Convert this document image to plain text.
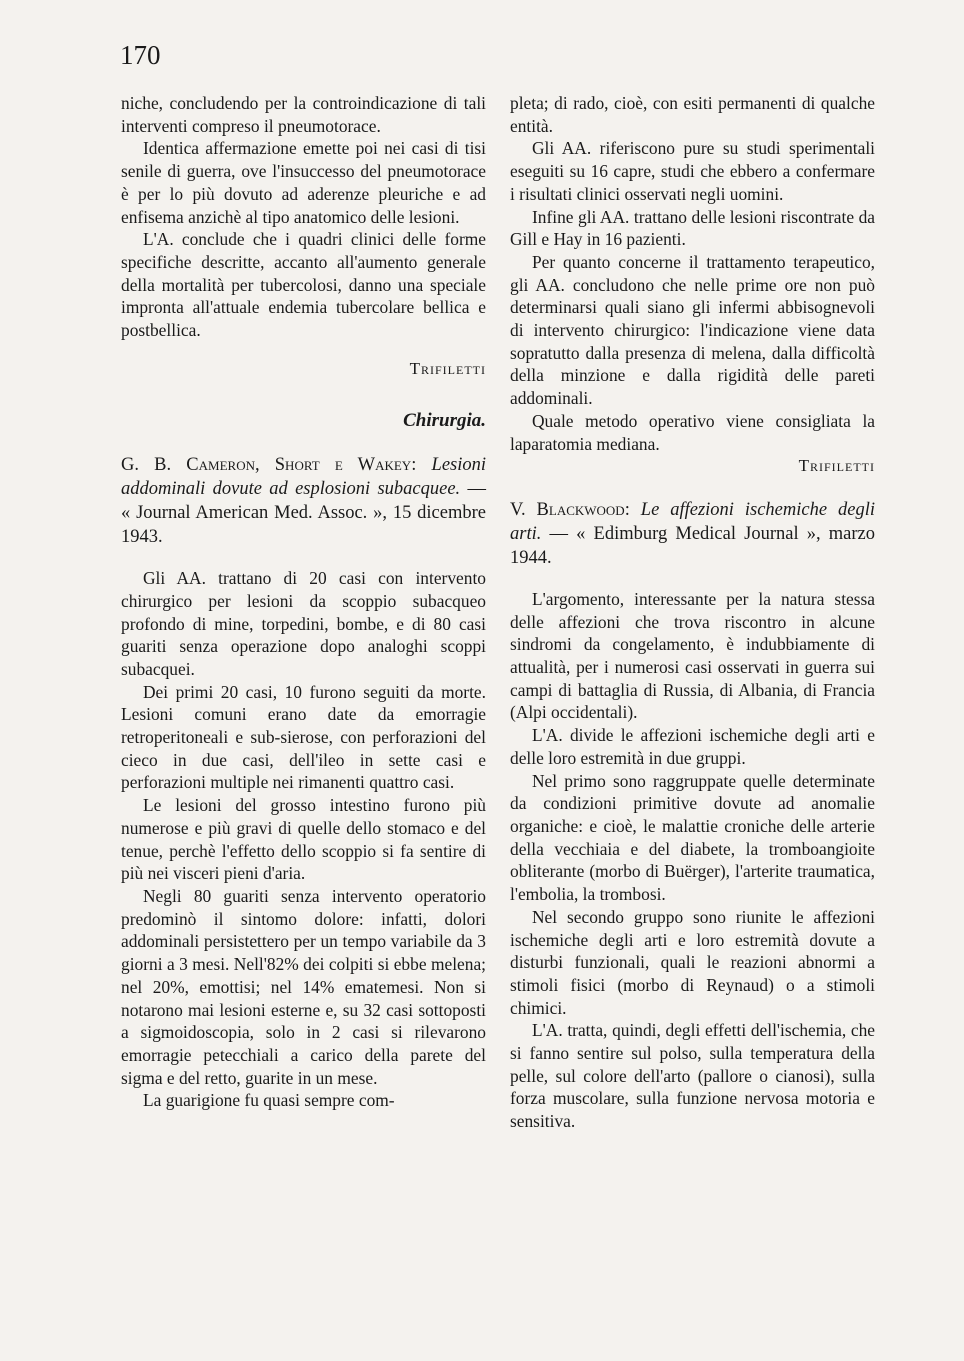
170

niche, concludendo per la controindicazione di tali interventi compreso il pneumotorace.

Identica affermazione emette poi nei casi di tisi senile di guerra, ove l'insuccesso del pneumotorace è per lo più dovuto ad aderenze pleuriche e ad enfisema anzichè al tipo anatomico delle lesioni.

L'A. conclude che i quadri clinici delle forme specifiche descritte, accanto all'aumento generale della mortalità per tubercolosi, danno una speciale impronta all'attuale endemia tubercolare bellica e postbellica.

Trifiletti
Chirurgia.

G. B. Cameron, Short e Wakey: Lesioni addominali dovute ad esplosioni subacquee. — « Journal American Med. Assoc. », 15 dicembre 1943.

Gli AA. trattano di 20 casi con intervento chirurgico per lesioni da scoppio subacqueo profondo di mine, torpedini, bombe, e di 80 casi guariti senza operazione dopo analoghi scoppi subacquei.

Dei primi 20 casi, 10 furono seguiti da morte. Lesioni comuni erano date da emorragie retroperitoneali e sub-sierose, con perforazioni del cieco in due casi, dell'ileo in sette casi e perforazioni multiple nei rimanenti quattro casi.

Le lesioni del grosso intestino furono più numerose e più gravi di quelle dello stomaco e del tenue, perchè l'effetto dello scoppio si fa sentire di più nei visceri pieni d'aria.

Negli 80 guariti senza intervento operatorio predominò il sintomo dolore: infatti, dolori addominali persistettero per un tempo variabile da 3 giorni a 3 mesi. Nell'82% dei colpiti si ebbe melena; nel 20%, emottisi; nel 14% ematemesi. Non si notarono mai lesioni esterne e, su 32 casi sottoposti a sigmoidoscopia, solo in 2 casi si rilevarono emorragie petecchiali a carico della parete del sigma e del retto, guarite in un mese.

La guarigione fu quasi sempre com-

pleta; di rado, cioè, con esiti permanenti di qualche entità.

Gli AA. riferiscono pure su studi sperimentali eseguiti su 16 capre, studi che ebbero a confermare i risultati clinici osservati negli uomini.

Infine gli AA. trattano delle lesioni riscontrate da Gill e Hay in 16 pazienti.

Per quanto concerne il trattamento terapeutico, gli AA. concludono che nelle prime ore non può determinarsi quali siano gli infermi abbisognevoli di intervento chirurgico: l'indicazione viene data sopratutto dalla presenza di melena, dalla difficoltà della minzione e dalla rigidità delle pareti addominali.

Quale metodo operativo viene consigliata la laparatomia mediana.

Trifiletti

V. Blackwood: Le affezioni ischemiche degli arti. — « Edimburg Medical Journal », marzo 1944.

L'argomento, interessante per la natura stessa delle affezioni che trova riscontro in alcune sindromi da congelamento, è indubbiamente di attualità, per i numerosi casi osservati in guerra sui campi di battaglia di Russia, di Albania, di Francia (Alpi occidentali).

L'A. divide le affezioni ischemiche degli arti e delle loro estremità in due gruppi.

Nel primo sono raggruppate quelle determinate da condizioni primitive dovute ad anomalie organiche: e cioè, le malattie croniche delle arterie della vecchiaia e del diabete, la tromboangioite obliterante (morbo di Buërger), l'arterite traumatica, l'embolia, la trombosi.

Nel secondo gruppo sono riunite le affezioni ischemiche degli arti e loro estremità dovute a disturbi funzionali, quali le reazioni abnormi a stimoli fisici (morbo di Reynaud) o a stimoli chimici.

L'A. tratta, quindi, degli effetti dell'ischemia, che si fanno sentire sul polso, sulla temperatura della pelle, sul colore dell'arto (pallore o cianosi), sulla forza muscolare, sulla funzione nervosa motoria e sensitiva.
